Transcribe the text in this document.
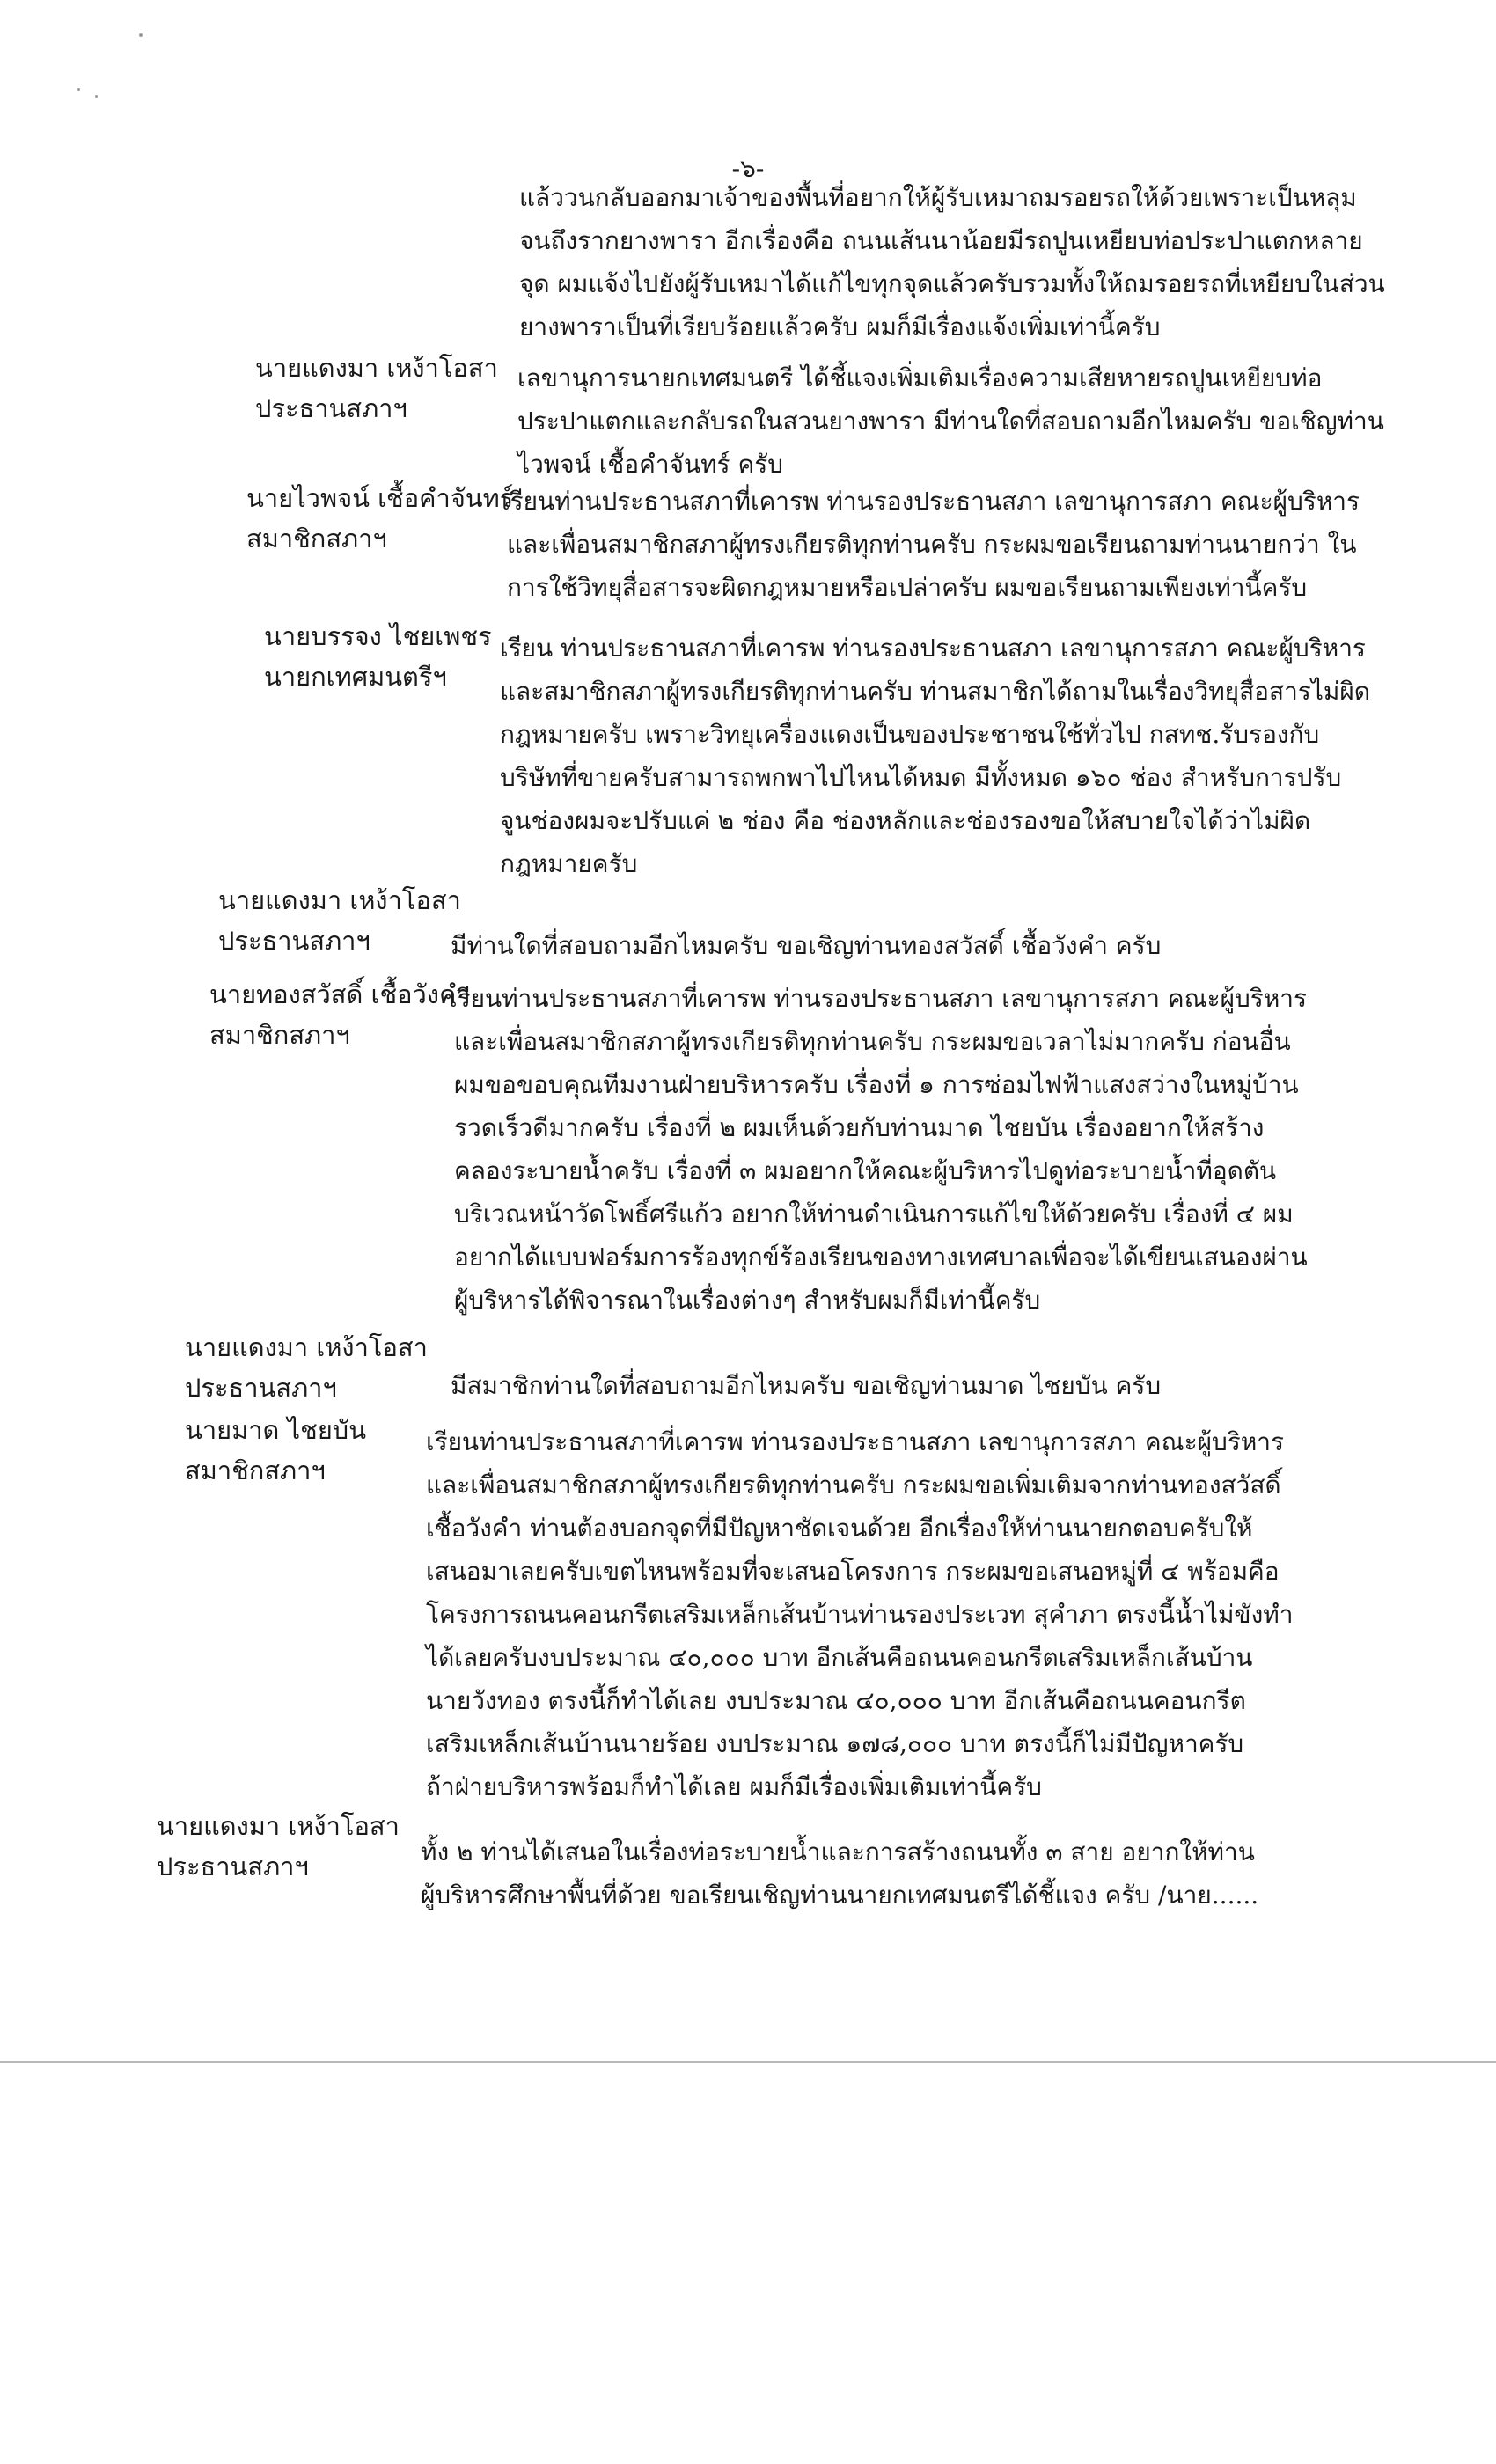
-๖-
แล้ววนกลับออกมาเจ้าของพื้นที่อยากให้ผู้รับเหมาถมรอยรถให้ด้วยเพราะเป็นหลุม
จนถึงรากยางพารา อีกเรื่องคือ ถนนเส้นนาน้อยมีรถปูนเหยียบท่อประปาแตกหลาย
จุด ผมแจ้งไปยังผู้รับเหมาได้แก้ไขทุกจุดแล้วครับรวมทั้งให้ถมรอยรถที่เหยียบในส่วน
ยางพาราเป็นที่เรียบร้อยแล้วครับ ผมก็มีเรื่องแจ้งเพิ่มเท่านี้ครับ
นายแดงมา เหง้าโอสา
ประธานสภาฯ
เลขานุการนายกเทศมนตรี ได้ชี้แจงเพิ่มเติมเรื่องความเสียหายรถปูนเหยียบท่อ
ประปาแตกและกลับรถในสวนยางพารา มีท่านใดที่สอบถามอีกไหมครับ ขอเชิญท่าน
ไวพจน์ เชื้อคำจันทร์ ครับ
นายไวพจน์ เชื้อคำจันทร์
สมาชิกสภาฯ
เรียนท่านประธานสภาที่เคารพ ท่านรองประธานสภา เลขานุการสภา คณะผู้บริหาร
และเพื่อนสมาชิกสภาผู้ทรงเกียรติทุกท่านครับ กระผมขอเรียนถามท่านนายกว่า ใน
การใช้วิทยุสื่อสารจะผิดกฎหมายหรือเปล่าครับ ผมขอเรียนถามเพียงเท่านี้ครับ
นายบรรจง ไชยเพชร
นายกเทศมนตรีฯ
เรียน ท่านประธานสภาที่เคารพ ท่านรองประธานสภา เลขานุการสภา คณะผู้บริหาร
และสมาชิกสภาผู้ทรงเกียรติทุกท่านครับ ท่านสมาชิกได้ถามในเรื่องวิทยุสื่อสารไม่ผิด
กฎหมายครับ เพราะวิทยุเครื่องแดงเป็นของประชาชนใช้ทั่วไป กสทช.รับรองกับ
บริษัทที่ขายครับสามารถพกพาไปไหนได้หมด มีทั้งหมด ๑๖๐ ช่อง สำหรับการปรับ
จูนช่องผมจะปรับแค่ ๒ ช่อง คือ ช่องหลักและช่องรองขอให้สบายใจได้ว่าไม่ผิด
กฎหมายครับ
นายแดงมา เหง้าโอสา
ประธานสภาฯ	มีท่านใดที่สอบถามอีกไหมครับ ขอเชิญท่านทองสวัสดิ์ เชื้อวังคำ ครับ
นายทองสวัสดิ์ เชื้อวังคำ
สมาชิกสภาฯ
เรียนท่านประธานสภาที่เคารพ ท่านรองประธานสภา เลขานุการสภา คณะผู้บริหาร
และเพื่อนสมาชิกสภาผู้ทรงเกียรติทุกท่านครับ กระผมขอเวลาไม่มากครับ ก่อนอื่น
ผมขอขอบคุณทีมงานฝ่ายบริหารครับ เรื่องที่ ๑ การซ่อมไฟฟ้าแสงสว่างในหมู่บ้าน
รวดเร็วดีมากครับ เรื่องที่ ๒ ผมเห็นด้วยกับท่านมาด ไชยบัน เรื่องอยากให้สร้าง
คลองระบายน้ำครับ เรื่องที่ ๓ ผมอยากให้คณะผู้บริหารไปดูท่อระบายน้ำที่อุดตัน
บริเวณหน้าวัดโพธิ์ศรีแก้ว อยากให้ท่านดำเนินการแก้ไขให้ด้วยครับ เรื่องที่ ๔ ผม
อยากได้แบบฟอร์มการร้องทุกข์ร้องเรียนของทางเทศบาลเพื่อจะได้เขียนเสนองผ่าน
ผู้บริหารได้พิจารณาในเรื่องต่างๆ สำหรับผมก็มีเท่านี้ครับ
นายแดงมา เหง้าโอสา
ประธานสภาฯ	มีสมาชิกท่านใดที่สอบถามอีกไหมครับ ขอเชิญท่านมาด ไชยบัน ครับ
นายมาด ไชยบัน
สมาชิกสภาฯ
เรียนท่านประธานสภาที่เคารพ ท่านรองประธานสภา เลขานุการสภา คณะผู้บริหาร
และเพื่อนสมาชิกสภาผู้ทรงเกียรติทุกท่านครับ กระผมขอเพิ่มเติมจากท่านทองสวัสดิ์
เชื้อวังคำ ท่านต้องบอกจุดที่มีปัญหาชัดเจนด้วย อีกเรื่องให้ท่านนายกตอบครับให้
เสนอมาเลยครับเขตไหนพร้อมที่จะเสนอโครงการ กระผมขอเสนอหมู่ที่ ๔ พร้อมคือ
โครงการถนนคอนกรีตเสริมเหล็กเส้นบ้านท่านรองประเวท สุคำภา ตรงนี้น้ำไม่ขังทำ
ได้เลยครับงบประมาณ ๔๐,๐๐๐ บาท อีกเส้นคือถนนคอนกรีตเสริมเหล็กเส้นบ้าน
นายวังทอง ตรงนี้ก็ทำได้เลย งบประมาณ ๔๐,๐๐๐ บาท อีกเส้นคือถนนคอนกรีต
เสริมเหล็กเส้นบ้านนายร้อย งบประมาณ ๑๗๘,๐๐๐ บาท ตรงนี้ก็ไม่มีปัญหาครับ
ถ้าฝ่ายบริหารพร้อมก็ทำได้เลย ผมก็มีเรื่องเพิ่มเติมเท่านี้ครับ
นายแดงมา เหง้าโอสา
ประธานสภาฯ	ทั้ง ๒ ท่านได้เสนอในเรื่องท่อระบายน้ำและการสร้างถนนทั้ง ๓ สาย อยากให้ท่าน
ผู้บริหารศึกษาพื้นที่ด้วย ขอเรียนเชิญท่านนายกเทศมนตรีได้ชี้แจง ครับ /นาย......
